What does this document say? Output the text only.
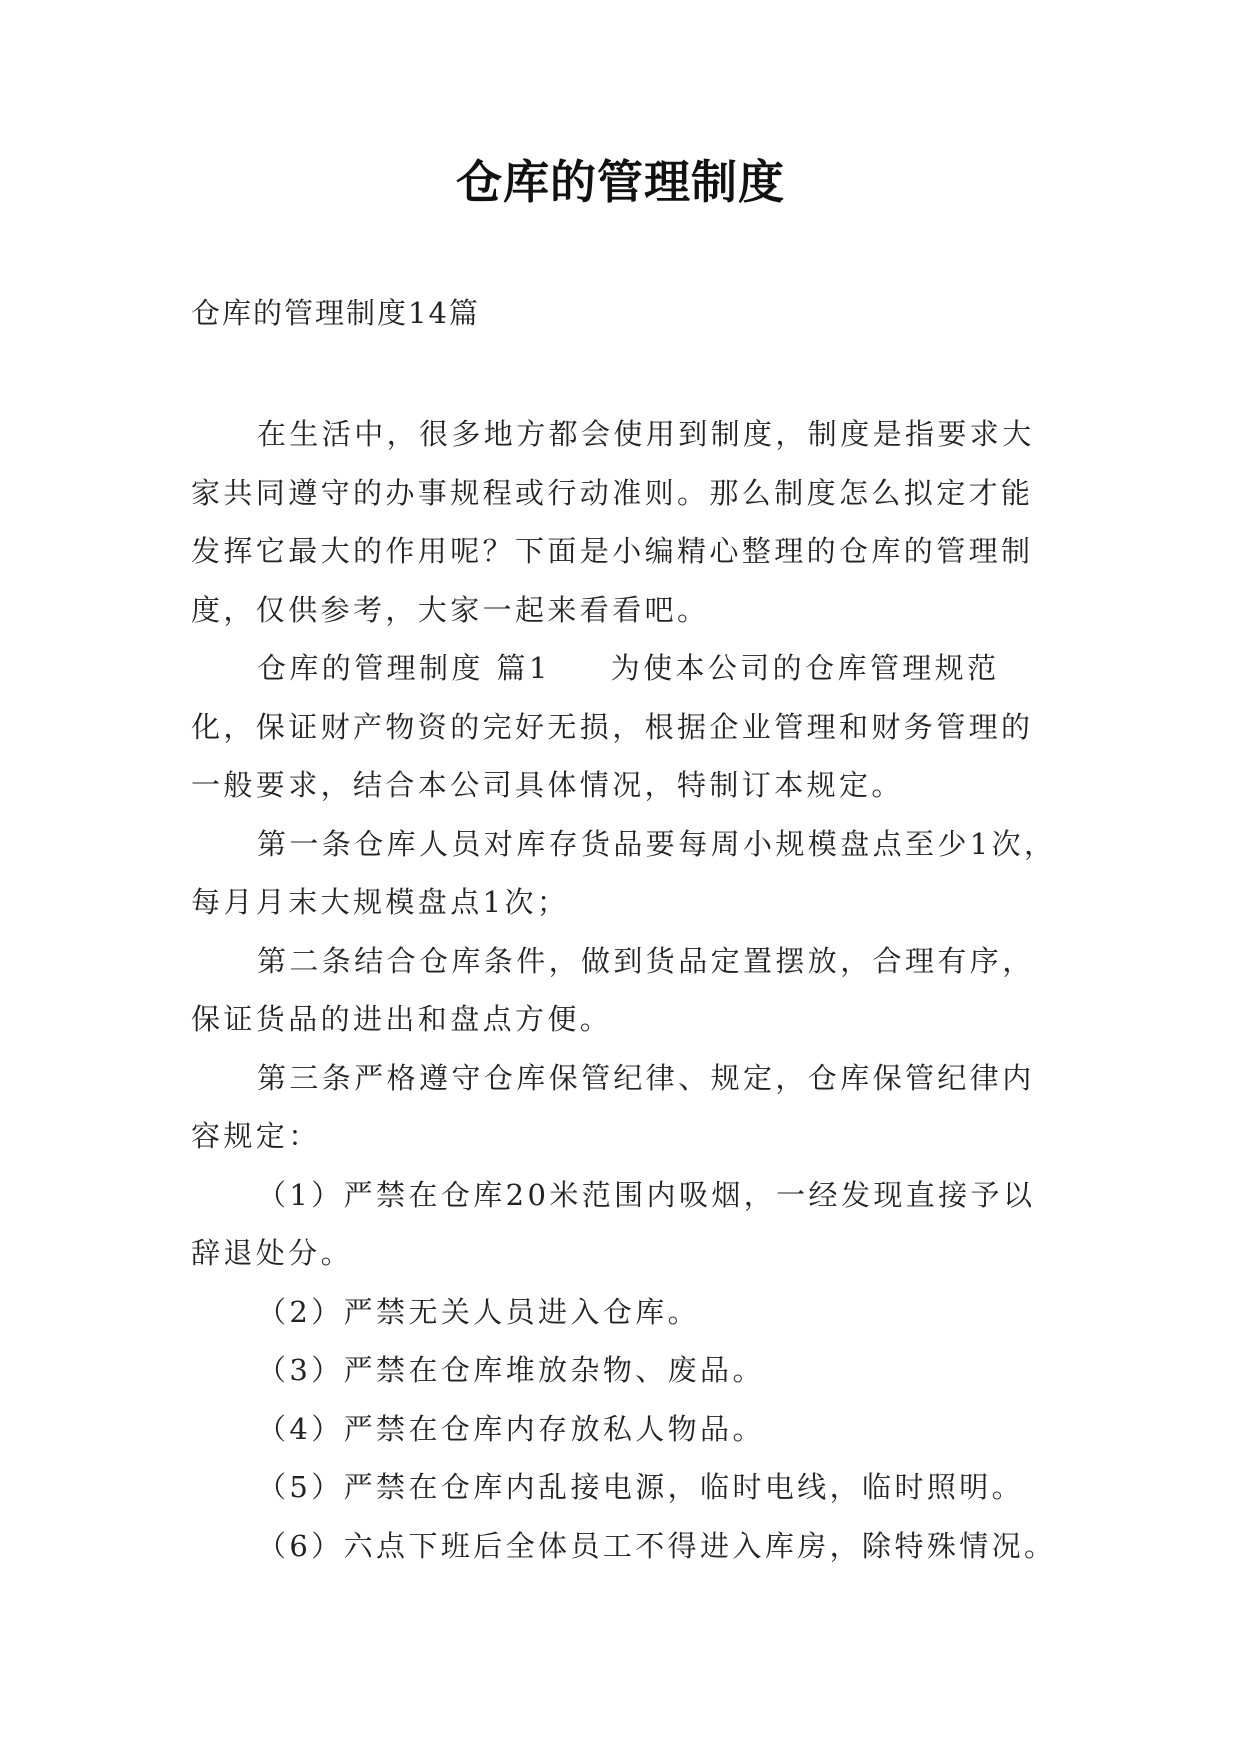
仓库的管理制度
仓库的管理制度14篇

在生活中，很多地方都会使用到制度，制度是指要求大家共同遵守的办事规程或行动准则。那么制度怎么拟定才能发挥它最大的作用呢？下面是小编精心整理的仓库的管理制度，仅供参考，大家一起来看看吧。

仓库的管理制度 篇1 为使本公司的仓库管理规范化，保证财产物资的完好无损，根据企业管理和财务管理的一般要求，结合本公司具体情况，特制订本规定。

第一条仓库人员对库存货品要每周小规模盘点至少1次，每月月末大规模盘点1次；

第二条结合仓库条件，做到货品定置摆放，合理有序，保证货品的进出和盘点方便。

第三条严格遵守仓库保管纪律、规定，仓库保管纪律内容规定：

（1）严禁在仓库20米范围内吸烟，一经发现直接予以辞退处分。

（2）严禁无关人员进入仓库。

（3）严禁在仓库堆放杂物、废品。

（4）严禁在仓库内存放私人物品。

（5）严禁在仓库内乱接电源，临时电线，临时照明。

（6）六点下班后全体员工不得进入库房，除特殊情况。
